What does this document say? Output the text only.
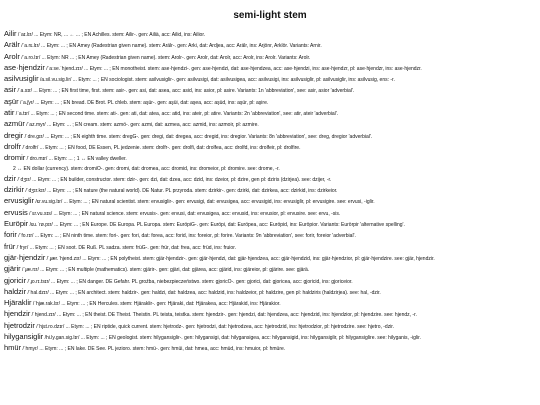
semi-light stem
Ailir /ˈaɪ.lɪr/ ... Etym: NR, ... ← ... ; EN Achilles. stem: Ailir-. gen: Ailiä, acc: Ailid, ins: Ailior.
Arälr /ˈa.rɛ.lɪr/ ... Etym: ... ; EN Amey (Radestrian given name). stem: Arälr-. gen: Arki, dat: Ardjea, acc: Arälr, ins: Arjönr, Arklör. Variants: Arnir.
Arolr /ˈa.ro.lɪr/ ... Etym: NR ... ; EN Amey (Radestrian given name). stem: Arolr-. gen: Arolr, dat: Arolr, acc: Arolr, ins: Arolr. Variants: Arolr.
ase·hjendzir /ˈaːse.ˈhjend.zɪr/ ... Etym: ... ; EN monotheist. stem: ase·hjendzi-. gen: ase·hjendzi, dat: ase·hjendzea, acc: ase·hjendzi, ins: ase·hjendzr, pl: ase·hjendzr, ins: ase·hjendzr.
asilvusiglir /a.sil.vu.sig.lir/ ... Etym: ... ; EN sociologist. stem: asilvusiglir-. gen: asilvusigi, dat: asilvusigea, acc: asilvusigi, ins: asilvusiglir, pl: asilvusiglir, ins: asilvusig, ens: -r.
asir /ˈa.sɪr/ ... Etym: ... ; EN first time, first. stem: asir-. gen: asi, dat: asea, acc: asid, ins: asior, pl: asire. Variants: 1n 'abbreviation', see: asir, asior 'adverbial'.
aşür /ˈa.ʃyr/ ... Etym: ... ; EN bread. DE Brot. PL chleb. stem: aşür-. gen: aşüi, dat: aşea, acc: aşüd, ins: aşür, pl: aşire.
atir /ˈa.tɪr/ ... Etym: ... ; EN second time. stem: ati-. gen: ati, dat: atea, acc: atid, ins: ateir, pl: atire. Variants: 2n 'abbreviation', see: atir, ateir 'adverbial'.
azmür /ˈaz.myr/ ... Etym: ... ; EN cream. stem: azmö-. gen: azmi, dat: azmea, acc: azmid, ins: azmoir, pl: azmire.
dregir /ˈdre.gɪr/ ... Etym: ... ; EN eighth time. stem: dregG-. gen: dregi, dat: dregea, acc: dregid, ins: dregior. Variants: 8n 'abbreviation', see: dreg, dregior 'adverbial'.
drolfr /ˈdrolfr/ ... Etym: ... ; EN food, DE Essen, PL jedzenie. stem: drolfr-. gen: drolfi, dat: drolfea, acc: drolfd, ins: drolfeir, pl: drolfire.
dromir /ˈdro.mɪr/ ... Etym: ... ; 1 ↔ EN valley dweller.
2 ↔ EN dollar (currency). stem: dromiO-. gen: dromi, dat: dromea, acc: dromid, ins: dromeior, pl: dromire. see: drome, -r.
dzir /ˈdʒɪr/ ... Etym: ... ; EN builder, constructor. stem: dzir-. gen: dzi, dat: dzea, acc: dzid, ins: dzeior, pl: dzire, gen pl: dziris (dzirjea). see: dzijer, -r.
dzirkir /ˈdʒɪr.kɪr/ ... Etym: ... ; EN nature (the natural world). DE Natur. PL przyroda. stem: dzirkir-. gen: dzirki, dat: dzirkea, acc: dzirkid, ins: dzirkeior.
ervusiglir /ɛr.vu.sig.lɪr/ ... Etym: ... ; EN natural scientist. stem: ervusiglir-. gen: ervusigi, dat: ervusigea, acc: ervusigid, ins: ervusiglir, pl: ervusigire. see: ervusi, -iglir.
ervusis /ˈɛr.vu.sɪs/ ... Etym: ... ; EN natural science. stem: ervusis-. gen: ervusi, dat: ervusigea, acc: ervusid, ins: ervusior, pl: ervusire. see: ervu, -sis.
Euröpir /ɛu.ˈrø.pɪr/ ... Etym: ... ; EN Europe. DE Europa. PL Europa. stem: EuröpiG-. gen: Euröpi, dat: Euröpea, acc: Euröpid, ins: Euröpior. Variants: Eurörpir 'alternative spelling'.
forir /ˈfo.rɪr/ ... Etym: ... ; EN ninth time. stem: fori-. gen: fori, dat: forea, acc: forid, ins: foreior, pl: forire. Variants: 9n 'abbreviation', see: forir, foreior 'adverbial'.
frür /ˈfryr/ ... Etym: ... ; EN soot. DE Ruß. PL sadza. stem: früG-. gen: frür, dat: frea, acc: früd, ins: fruior.
gjär·hjendzir /ˈɟær.ˈhjend.zɪr/ ... Etym: ... ; EN polytheist. stem: gjär·hjendzir-. gen: gjär·hjendzi, dat: gjär·hjendzea, acc: gjär·hjendzid, ins: gjär·hjendzior, pl: gjär·hjendzire. see: gjär, hjendzir.
gjärir /ˈɟæ.rɪr/ ... Etym: ... ; EN multiple (mathematics). stem: gjärir-. gen: gjäri, dat: gjärea, acc: gjärid, ins: gjäreior, pl: gjärire. see: gjärä.
gjoricir /ˈɟo.rɪ.tsɪr/ ... Etym: ... ; EN danger. DE Gefahr. PL groźba, niebezpieczeństwo. stem: gjoricO-. gen: gjorici, dat: gjoricea, acc: gjoricid, ins: gjoriceior.
haldzir /ˈhal.dzɪr/ ... Etym: ... ; EN architect. stem: haldzir-. gen: haldzi, dat: haldzea, acc: haldzid, ins: haldzeior, pl: haldzire, gen pl: haldziris (haldzirjea). see: hal, -dzir.
Hjäraklir /ˈhjæ.rak.lɪr/ ... Etym: ... ; EN Hercules. stem: Hjäraklir-. gen: Hjäraki, dat: Hjärakea, acc: Hjärakid, ins: Hjärakior.
hjendzir /ˈhjend.zɪr/ ... Etym: ... ; EN theist. DE Theist. Theistin. PL teista, teistka. stem: hjendzir-. gen: hjendzi, dat: hjendzea, acc: hjendzid, ins: hjendzior, pl: hjendzire. see: hjendz, -r.
hjetrodzir /ˈhjɛt.ro.dzɪr/ ... Etym: ... ; EN riptide, quick current. stem: hjetrodz-. gen: hjetrodzi, dat: hjetrodzea, acc: hjetrodzid, ins: hjetrodzior, pl: hjetrodzire. see: hjetro, -dzir.
hilygansiglir /hi.ly.gan.sig.lɪr/ ... Etym: ... ; EN geologist. stem: hilygansiglir-. gen: hilygansigi, dat: hilygansigea, acc: hilygansigid, ins: hilygansiglir, pl: hilygansiglire. see: hilyganis, -iglir.
hmür /ˈhmyr/ ... Etym: ... ; EN lake. DE See. PL jezioro. stem: hmü-. gen: hmüi, dat: hmea, acc: hmüd, ins: hmuior, pl: hmüre.
